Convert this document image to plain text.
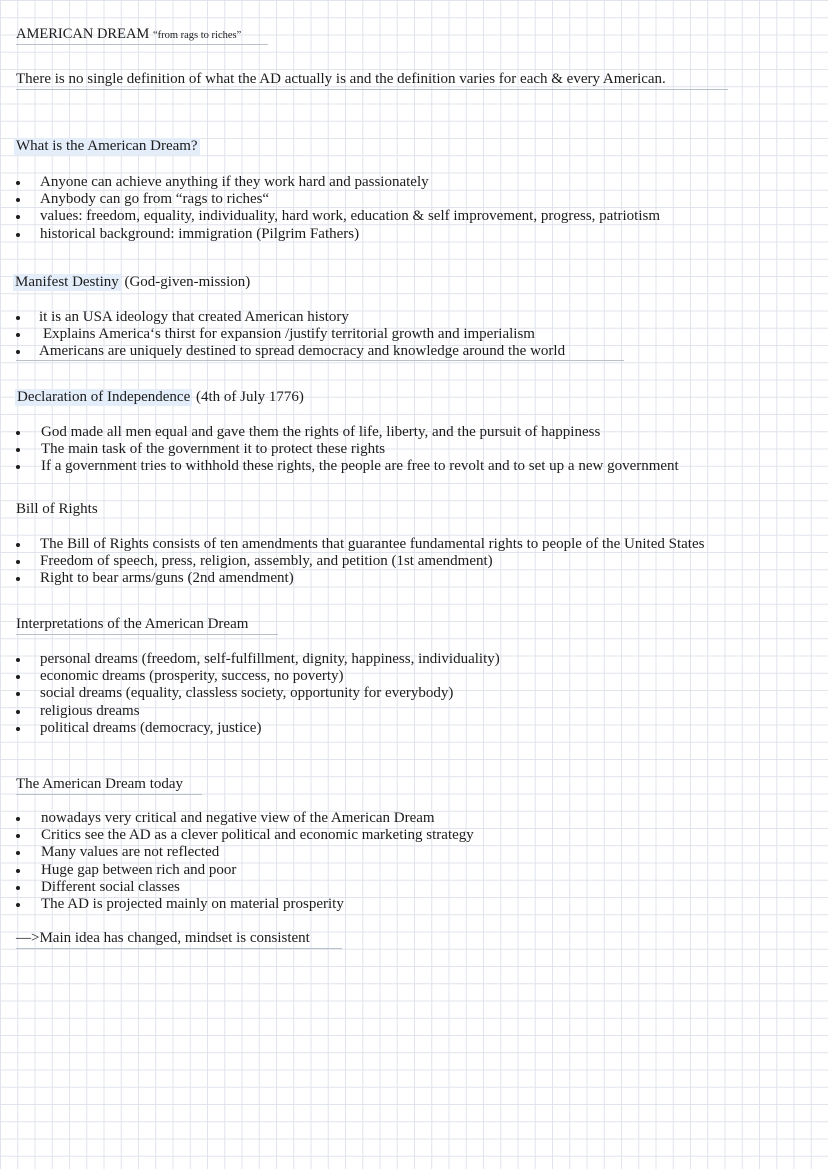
AMERICAN DREAM “from rags to riches”
There is no single definition of what the AD actually is and the definition varies for each & every American.
What is the American Dream?
Anyone can achieve anything if they work hard and passionately
Anybody can go from “rags to riches“
values: freedom, equality, individuality, hard work, education & self improvement, progress, patriotism
historical background: immigration (Pilgrim Fathers)
Manifest Destiny (God-given-mission)
it is an USA ideology that created American history
Explains America‘s thirst for expansion /justify territorial growth and imperialism
Americans are uniquely destined to spread democracy and knowledge around the world
Declaration of Independence (4th of July 1776)
God made all men equal and gave them the rights of life, liberty, and the pursuit of happiness
The main task of the government it to protect these rights
If a government tries to withhold these rights, the people are free to revolt and to set up a new government
Bill of Rights
The Bill of Rights consists of ten amendments that guarantee fundamental rights to people of the United States
Freedom of speech, press, religion, assembly, and petition (1st amendment)
Right to bear arms/guns (2nd amendment)
Interpretations of the American Dream
personal dreams (freedom, self-fulfillment, dignity, happiness, individuality)
economic dreams (prosperity, success, no poverty)
social dreams (equality, classless society, opportunity for everybody)
religious dreams
political dreams (democracy, justice)
The American Dream today
nowadays very critical and negative view of the American Dream
Critics see the AD as a clever political and economic marketing strategy
Many values are not reflected
Huge gap between rich and poor
Different social classes
The AD is projected mainly on material prosperity
—>Main idea has changed, mindset is consistent
